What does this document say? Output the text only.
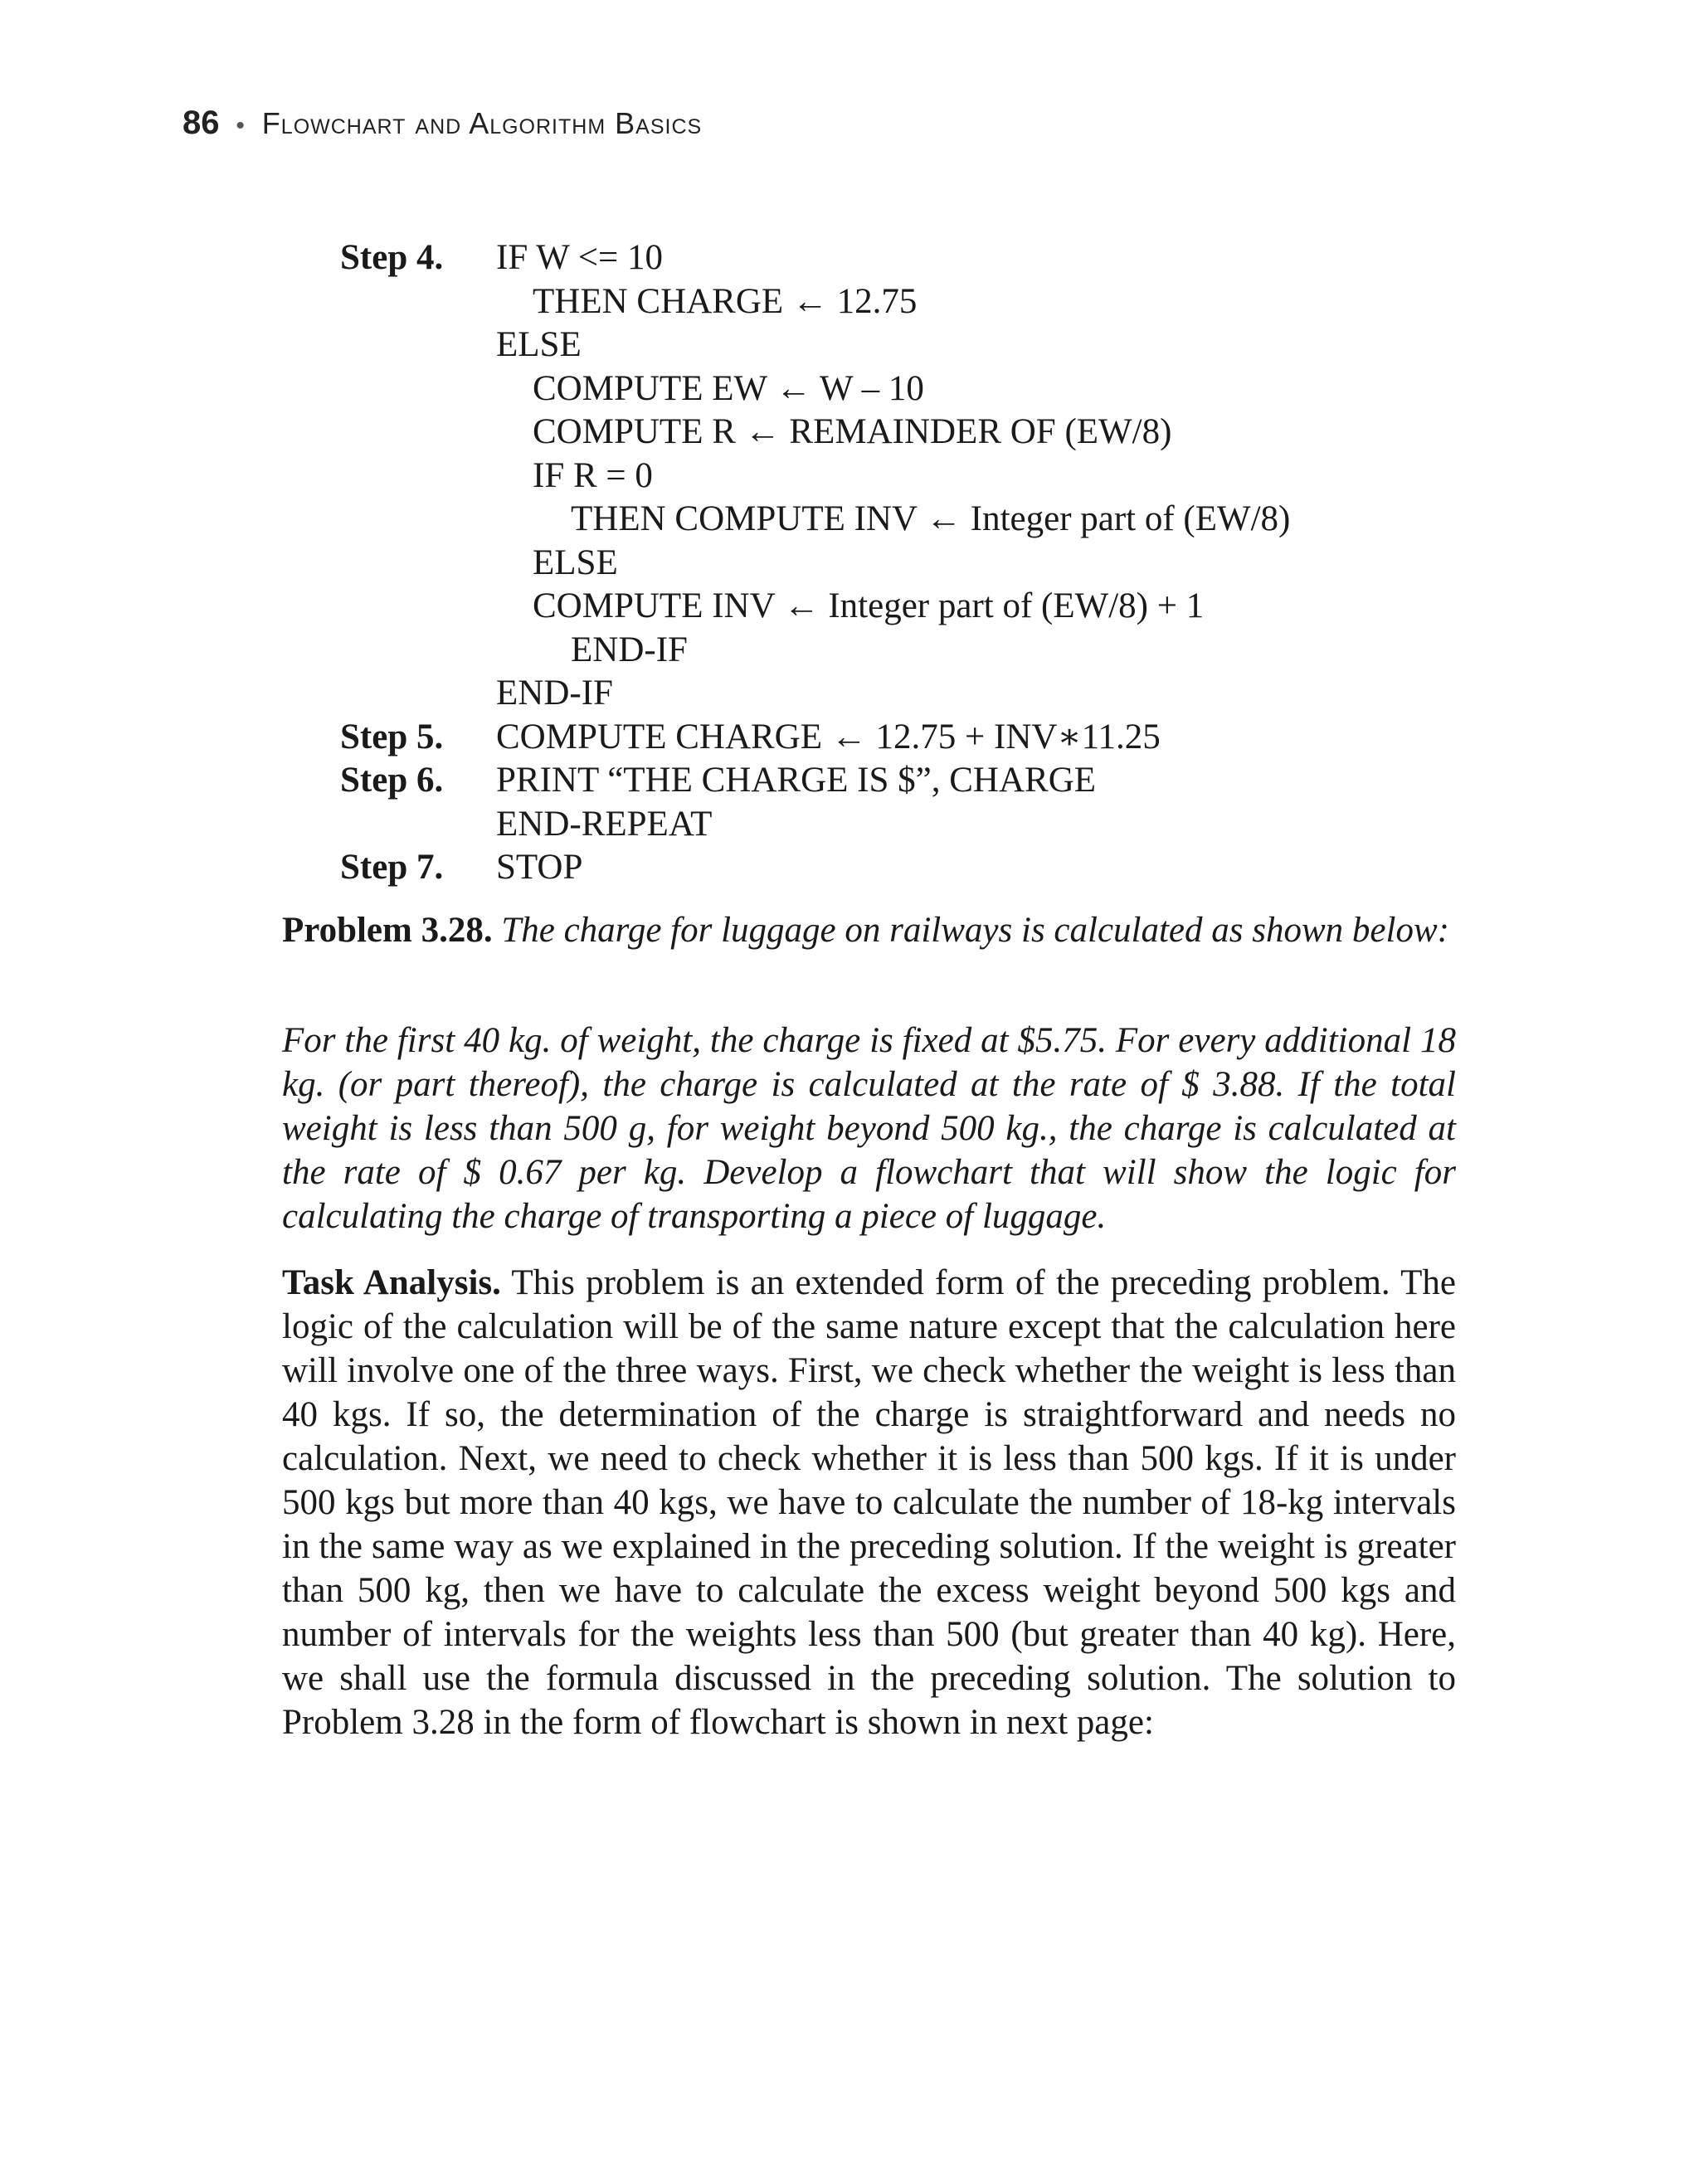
86 • Flowchart and Algorithm Basics
Step 4. IF W <= 10
THEN CHARGE ← 12.75
ELSE
COMPUTE EW ← W – 10
COMPUTE R ← REMAINDER OF (EW/8)
IF R = 0
THEN COMPUTE INV ← Integer part of (EW/8)
ELSE
COMPUTE INV ← Integer part of (EW/8) + 1
END-IF
END-IF
Step 5. COMPUTE CHARGE ← 12.75 + INV∗11.25
Step 6. PRINT “THE CHARGE IS $”, CHARGE
END-REPEAT
Step 7. STOP

Problem 3.28. The charge for luggage on railways is calculated as shown below:

For the first 40 kg. of weight, the charge is fixed at $5.75. For every additional 18 kg. (or part thereof), the charge is calculated at the rate of $ 3.88. If the total weight is less than 500 g, for weight beyond 500 kg., the charge is calculated at the rate of $ 0.67 per kg. Develop a flowchart that will show the logic for calculating the charge of transporting a piece of luggage.

Task Analysis. This problem is an extended form of the preceding problem. The logic of the calculation will be of the same nature except that the calculation here will involve one of the three ways. First, we check whether the weight is less than 40 kgs. If so, the determination of the charge is straightforward and needs no calculation. Next, we need to check whether it is less than 500 kgs. If it is under 500 kgs but more than 40 kgs, we have to calculate the number of 18-kg intervals in the same way as we explained in the preceding solution. If the weight is greater than 500 kg, then we have to calculate the excess weight beyond 500 kgs and number of intervals for the weights less than 500 (but greater than 40 kg). Here, we shall use the formula discussed in the preceding solution. The solution to Problem 3.28 in the form of flowchart is shown in next page:
